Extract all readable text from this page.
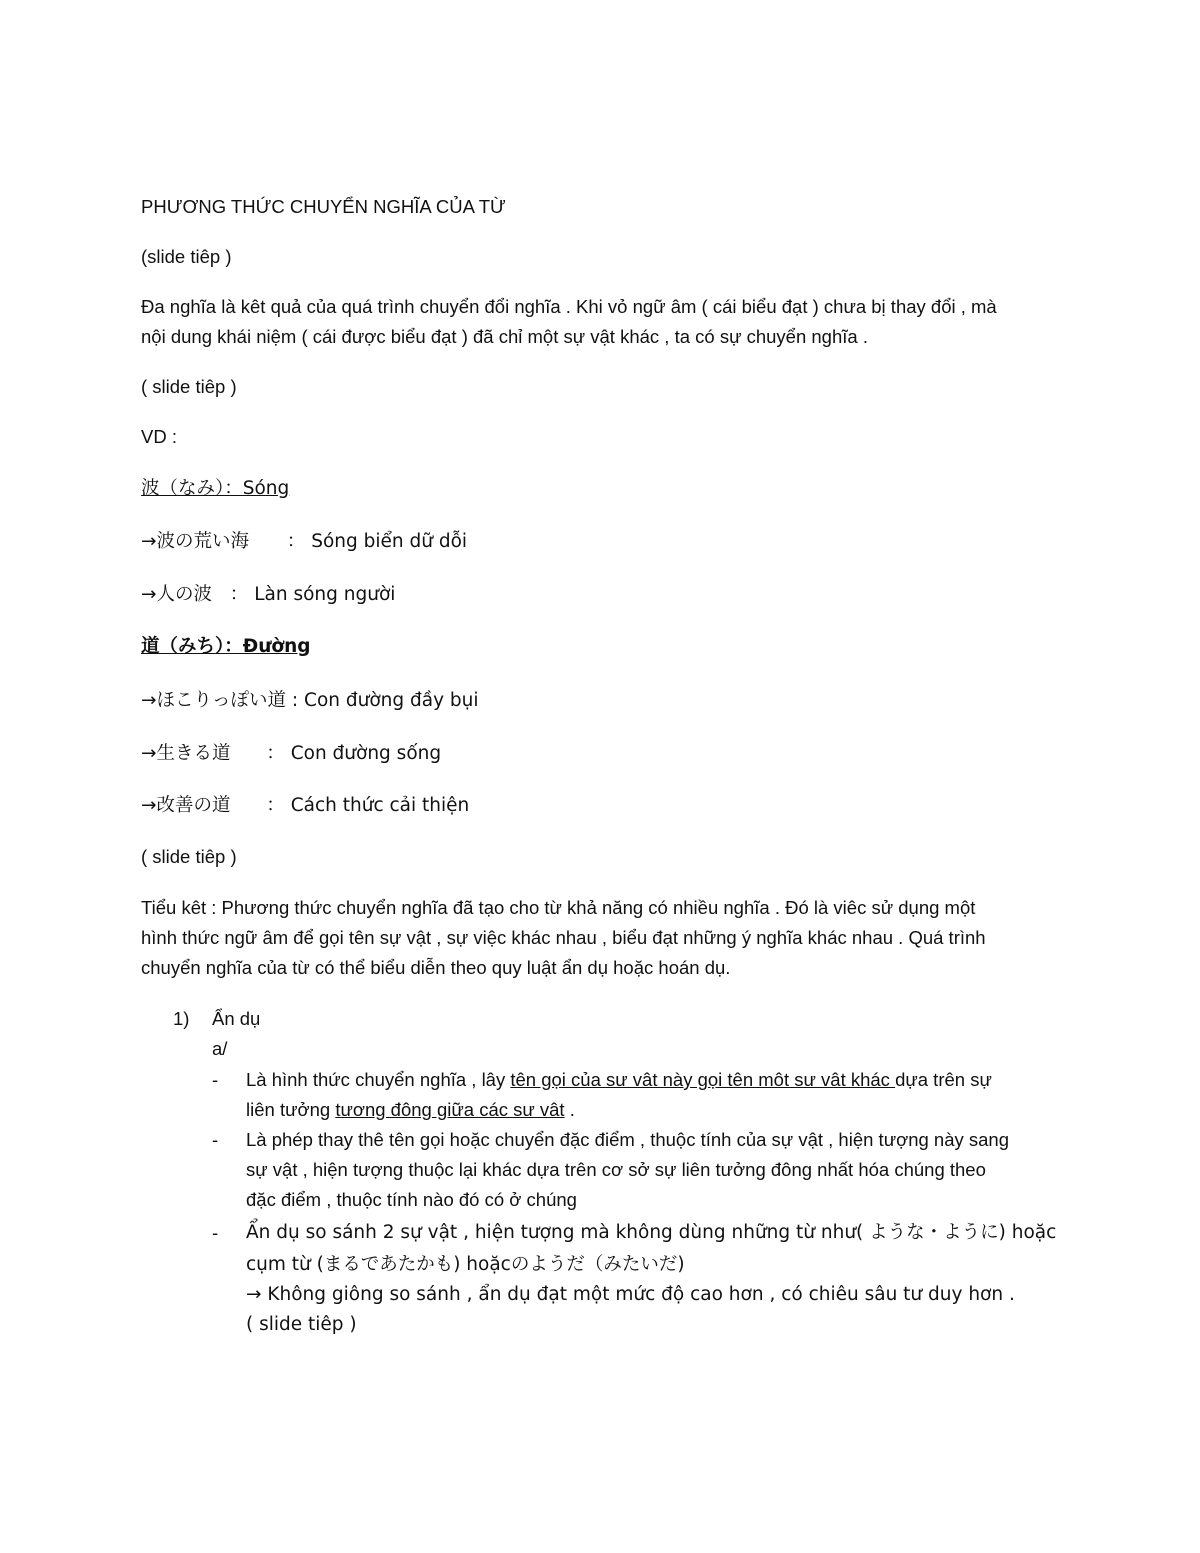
PHƯƠNG THỨC CHUYỂN NGHĨA CỦA TỪ
(slide tiêp )
Đa nghĩa là kêt quả của quá trình chuyển đổi nghĩa . Khi vỏ ngữ âm ( cái biểu đạt ) chưa bị thay đổi , mà
nội dung khái niệm ( cái được biểu đạt ) đã chỉ một sự vật khác , ta có sự chuyển nghĩa .
( slide tiêp )
VD :
波（なみ）：Sóng
→波の荒い海 ： Sóng biển dữ dỗi
→人の波 ： Làn sóng người
道（みち）：Đường
→ほこりっぽい道 : Con đường đầy bụi
→生きる道 ： Con đường sống
→改善の道 ： Cách thức cải thiện
( slide tiêp )
Tiểu kêt : Phương thức chuyển nghĩa đã tạo cho từ khả năng có nhiều nghĩa . Đó là viêc sử dụng một
hình thức ngữ âm để gọi tên sự vật , sự việc khác nhau , biểu đạt những ý nghĩa khác nhau . Quá trình
chuyển nghĩa của từ có thể biểu diễn theo quy luật ẩn dụ hoặc hoán dụ.
1) Ẩn dụ
a/
- Là hình thức chuyển nghĩa , lây tên gọi của sư vât này gọi tên môt sư vât khác dựa trên sự
liên tưởng tương đông giữa các sư vât .
- Là phép thay thê tên gọi hoặc chuyển đặc điểm , thuộc tính của sự vật , hiện tượng này sang
sự vật , hiện tượng thuộc lại khác dựa trên cơ sở sự liên tưởng đông nhất hóa chúng theo
đặc điểm , thuộc tính nào đó có ở chúng
- Ẩn dụ so sánh 2 sự vật , hiện tượng mà không dùng những từ như( ような・ように) hoặc
cụm từ (まるであたかも) hoặcのようだ（みたいだ)
→ Không giông so sánh , ẩn dụ đạt một mức độ cao hơn , có chiêu sâu tư duy hơn .
( slide tiêp )
